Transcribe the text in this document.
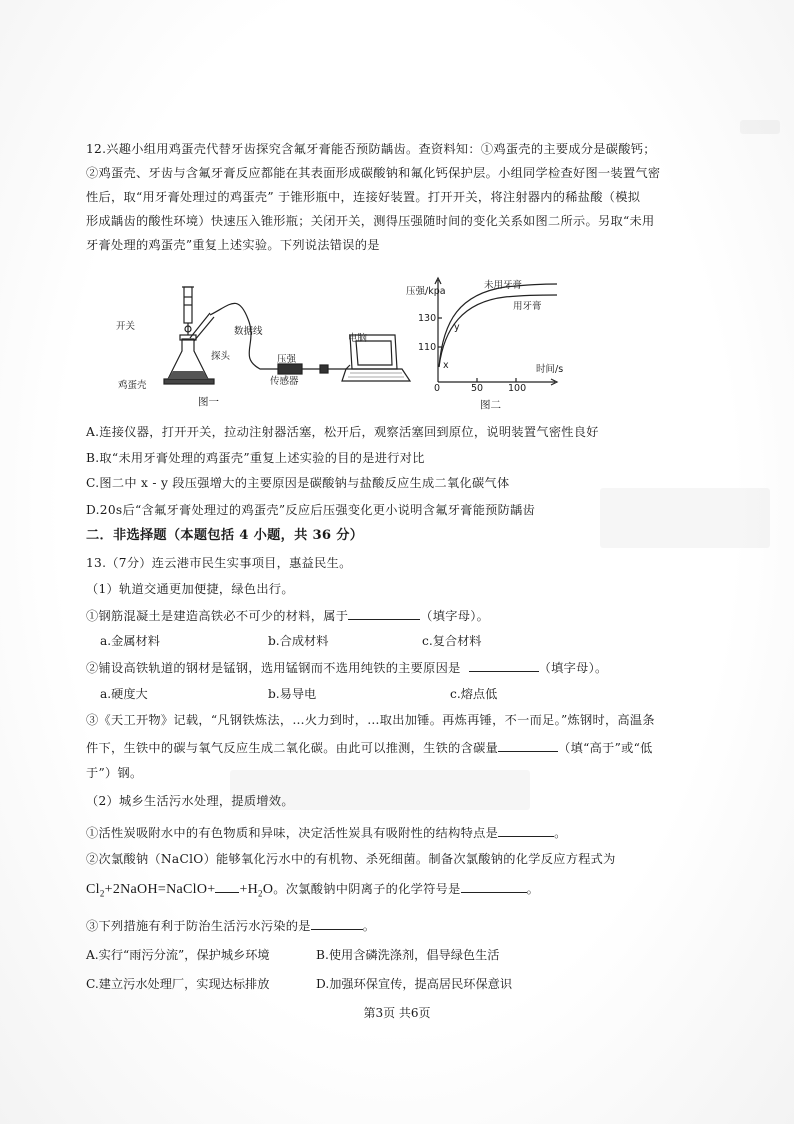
12.兴趣小组用鸡蛋壳代替牙齿探究含氟牙膏能否预防龋齿。查资料知：①鸡蛋壳的主要成分是碳酸钙；
②鸡蛋壳、牙齿与含氟牙膏反应都能在其表面形成碳酸钠和氟化钙保护层。小组同学检查好图一装置气密
性后，取“用牙膏处理过的鸡蛋壳” 于锥形瓶中，连接好装置。打开开关，将注射器内的稀盐酸（模拟
形成龋齿的酸性环境）快速压入锥形瓶；关闭开关，测得压强随时间的变化关系如图二所示。另取“未用
牙膏处理的鸡蛋壳”重复上述实验。下列说法错误的是
开关	数据线
探头
鸡蛋壳
压强
传感器
电脑
图一
压强/kpa
130
110
0	50	100
时间/s
x
y
未用牙膏
用牙膏
图二
A.连接仪器，打开开关，拉动注射器活塞，松开后，观察活塞回到原位，说明装置气密性良好
B.取“未用牙膏处理的鸡蛋壳”重复上述实验的目的是进行对比
C.图二中 x - y 段压强增大的主要原因是碳酸钠与盐酸反应生成二氧化碳气体
D.20s后“含氟牙膏处理过的鸡蛋壳”反应后压强变化更小说明含氟牙膏能预防龋齿
二．非选择题（本题包括 4 小题，共 36 分）
13.（7分）连云港市民生实事项目，惠益民生。
（1）轨道交通更加便捷，绿色出行。
①钢筋混凝土是建造高铁必不可少的材料，属于	（填字母）。
a.金属材料	b.合成材料	c.复合材料
②铺设高铁轨道的钢材是锰钢，选用锰钢而不选用纯铁的主要原因是	（填字母）。
a.硬度大	b.易导电	c.熔点低
③《天工开物》记载，“凡钢铁炼法，…火力到时，…取出加锤。再炼再锤，不一而足。”炼钢时，高温条
件下，生铁中的碳与氧气反应生成二氧化碳。由此可以推测，生铁的含碳量	（填“高于”或“低
于”）钢。
（2）城乡生活污水处理，提质增效。
①活性炭吸附水中的有色物质和异味，决定活性炭具有吸附性的结构特点是	。
②次氯酸钠（NaClO）能够氧化污水中的有机物、杀死细菌。制备次氯酸钠的化学反应方程式为
$Cl_2+2NaOH=NaClO+ +H_2O$。次氯酸钠中阴离子的化学符号是	。
③下列措施有利于防治生活污水污染的是	。
A.实行“雨污分流”，保护城乡环境	B.使用含磷洗涤剂，倡导绿色生活
C.建立污水处理厂，实现达标排放	D.加强环保宣传，提高居民环保意识
第3页 共6页
